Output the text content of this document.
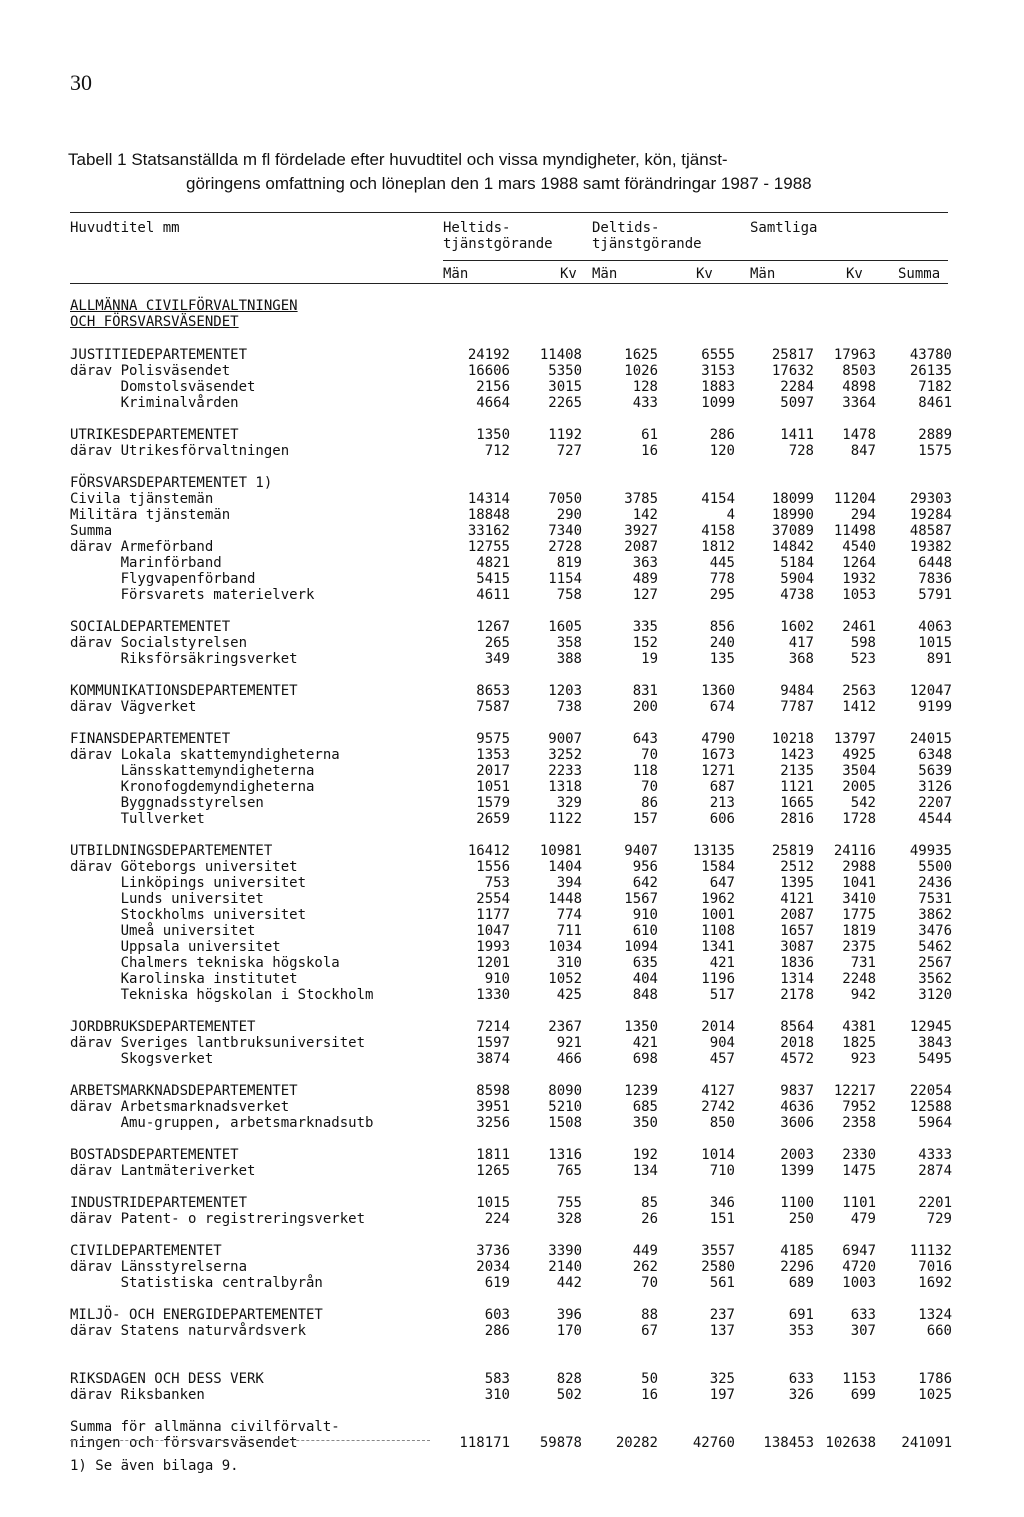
30
Tabell 1 Statsanställda m fl fördelade efter huvudtitel och vissa myndigheter, kön, tjänst-
göringens omfattning och löneplan den 1 mars 1988 samt förändringar 1987 - 1988
Huvudtitel mm	Heltids-
tjänstgörande
Deltids-
tjänstgörande
Samtliga
Män	Kv Män	Kv	Män	Kv	Summa
ALLMÄNNA CIVILFÖRVALTNINGEN
OCH FÖRSVARSVÄSENDET
JUSTITIEDEPARTEMENTET	24192 11408	1625	6555	25817 17963 43780
därav Polisväsendet	16606	5350	1026	3153	17632 8503 26135
Domstolsväsendet	2156	3015	128	1883	2284 4898	7182
Kriminalvården	4664	2265	433	1099	5097 3364	8461
UTRIKESDEPARTEMENTET	1350	1192	61	286	1411 1478	2889
därav Utrikesförvaltningen	712	727	16	120	728	847	1575
FÖRSVARSDEPARTEMENTET 1)
Civila tjänstemän	14314	7050	3785	4154	18099 11204 29303
Militära tjänstemän	18848	290	142	4	18990	294 19284
Summa	33162	7340	3927	4158	37089 11498 48587
därav Armeförband	12755	2728	2087	1812	14842 4540 19382
Marinförband	4821	819	363	445	5184 1264	6448
Flygvapenförband	5415	1154	489	778	5904 1932	7836
Försvarets materielverk	4611	758	127	295	4738 1053	5791
SOCIALDEPARTEMENTET	1267	1605	335	856	1602 2461	4063
därav Socialstyrelsen	265	358	152	240	417	598	1015
Riksförsäkringsverket	349	388	19	135	368	523	891
KOMMUNIKATIONSDEPARTEMENTET	8653	1203	831	1360	9484 2563 12047
därav Vägverket	7587	738	200	674	7787 1412	9199
FINANSDEPARTEMENTET	9575	9007	643	4790	10218 13797 24015
därav Lokala skattemyndigheterna	1353	3252	70	1673	1423 4925	6348
Länsskattemyndigheterna	2017	2233	118	1271	2135 3504	5639
Kronofogdemyndigheterna	1051	1318	70	687	1121 2005	3126
Byggnadsstyrelsen	1579	329	86	213	1665	542	2207
Tullverket	2659	1122	157	606	2816 1728	4544
UTBILDNINGSDEPARTEMENTET	16412 10981	9407 13135	25819 24116 49935
därav Göteborgs universitet	1556	1404	956	1584	2512 2988	5500
Linköpings universitet	753	394	642	647	1395 1041	2436
Lunds universitet	2554	1448	1567	1962	4121 3410	7531
Stockholms universitet	1177	774	910	1001	2087 1775	3862
Umeå universitet	1047	711	610	1108	1657 1819	3476
Uppsala universitet	1993	1034	1094	1341	3087 2375	5462
Chalmers tekniska högskola	1201	310	635	421	1836	731	2567
Karolinska institutet	910	1052	404	1196	1314 2248	3562
Tekniska högskolan i Stockholm	1330	425	848	517	2178	942	3120
JORDBRUKSDEPARTEMENTET	7214	2367	1350	2014	8564 4381 12945
därav Sveriges lantbruksuniversitet	1597	921	421	904	2018 1825	3843
Skogsverket	3874	466	698	457	4572	923	5495
ARBETSMARKNADSDEPARTEMENTET	8598	8090	1239	4127	9837 12217 22054
därav Arbetsmarknadsverket	3951	5210	685	2742	4636 7952 12588
Amu-gruppen, arbetsmarknadsutb	3256	1508	350	850	3606 2358	5964
BOSTADSDEPARTEMENTET	1811	1316	192	1014	2003 2330	4333
därav Lantmäteriverket	1265	765	134	710	1399 1475	2874
INDUSTRIDEPARTEMENTET	1015	755	85	346	1100 1101	2201
därav Patent- o registreringsverket	224	328	26	151	250	479	729
CIVILDEPARTEMENTET	3736	3390	449	3557	4185 6947 11132
därav Länsstyrelserna	2034	2140	262	2580	2296 4720	7016
Statistiska centralbyrån	619	442	70	561	689 1003	1692
MILJÖ- OCH ENERGIDEPARTEMENTET	603	396	88	237	691	633	1324
därav Statens naturvårdsverk	286	170	67	137	353	307	660
RIKSDAGEN OCH DESS VERK	583	828	50	325	633 1153	1786
därav Riksbanken	310	502	16	197	326	699	1025
Summa för allmänna civilförvalt-
ningen och försvarsväsendet	118171 59878 20282 42760 138453 102638 241091
1) Se även bilaga 9.
